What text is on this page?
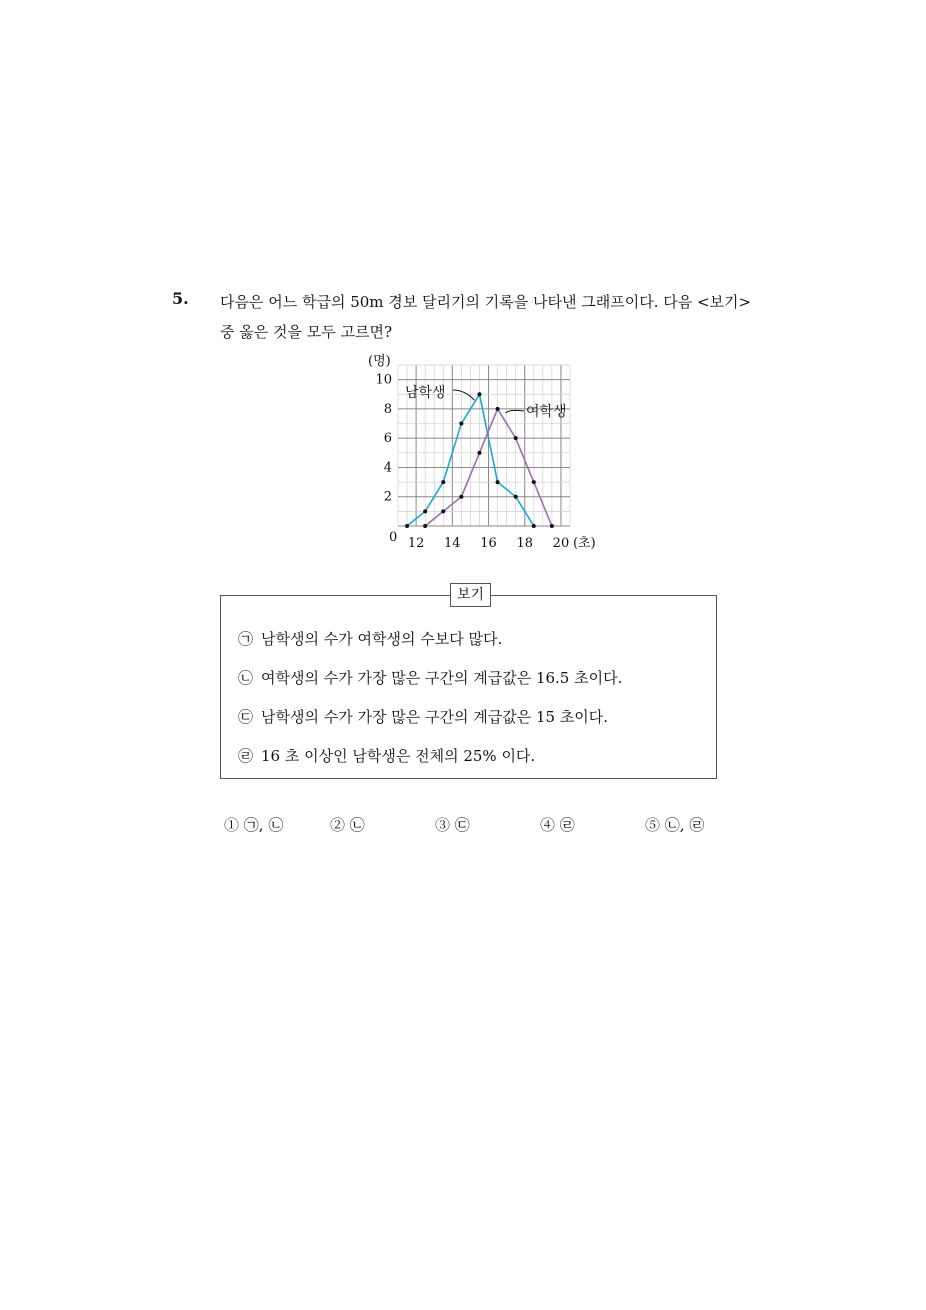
5. 다음은 어느 학급의 50m 경보 달리기의 기록을 나타낸 그래프이다. 다음 <보기>
중 옳은 것을 모두 고르면?
(명)
2
4
6
8
10
0 12 14 16 18 20 (초)
남학생
여학생
보기
㉠ 남학생의 수가 여학생의 수보다 많다.
㉡ 여학생의 수가 가장 많은 구간의 계급값은 16.5 초이다.
㉢ 남학생의 수가 가장 많은 구간의 계급값은 15 초이다.
㉣ 16 초 이상인 남학생은 전체의 25% 이다.
① ㉠, ㉡	② ㉡	③ ㉢	④ ㉣	⑤ ㉡, ㉣
